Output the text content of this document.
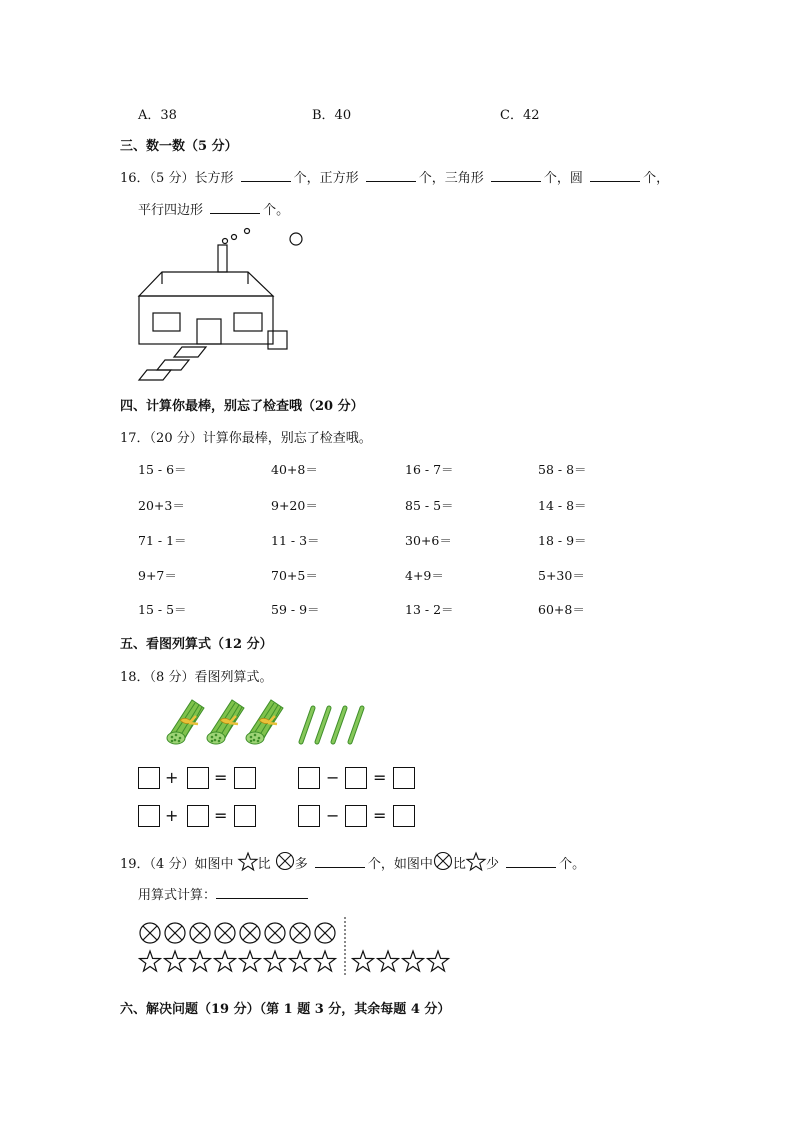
A．38	B．40	C．42
三、数一数（5 分）
16．（5 分）长方形	个，正方形	个，三角形	个，圆	个，
平行四边形	个。
四、计算你最棒，别忘了检查哦（20 分）
17．（20 分）计算你最棒，别忘了检查哦。
15 - 6＝	40+8＝	16 - 7＝	58 - 8＝
20+3＝	9+20＝	85 - 5＝	14 - 8＝
71 - 1＝	11 - 3＝	30+6＝	18 - 9＝
9+7＝	70+5＝	4+9＝	5+30＝
15 - 5＝	59 - 9＝	13 - 2＝	60+8＝
五、看图列算式（12 分）
18．（8 分）看图列算式。
+ =	− =
+ =	− =
19．（4 分）如图中 比 多	个，如图中 比 少	个。
用算式计算：
六、解决问题（19 分）（第 1 题 3 分，其余每题 4 分）
